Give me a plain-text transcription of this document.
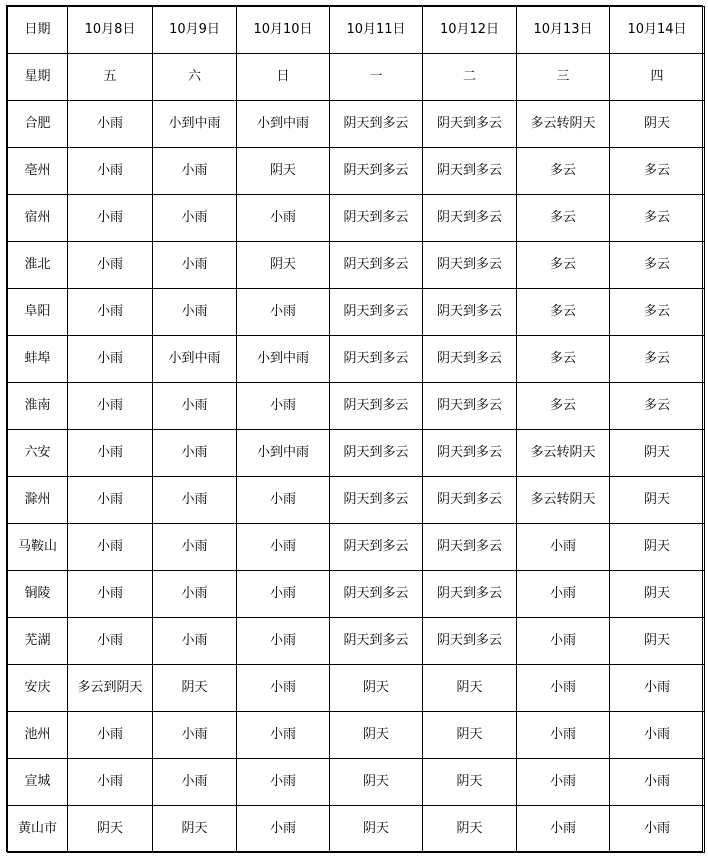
日期	10月8日	10月9日	10月10日	10月11日	10月12日	10月13日	10月14日
星期	五	六	日	一	二	三	四
合肥	小雨	小到中雨	小到中雨	阴天到多云	阴天到多云	多云转阴天	阴天
亳州	小雨	小雨	阴天	阴天到多云	阴天到多云	多云	多云
宿州	小雨	小雨	小雨	阴天到多云	阴天到多云	多云	多云
淮北	小雨	小雨	阴天	阴天到多云	阴天到多云	多云	多云
阜阳	小雨	小雨	小雨	阴天到多云	阴天到多云	多云	多云
蚌埠	小雨	小到中雨	小到中雨	阴天到多云	阴天到多云	多云	多云
淮南	小雨	小雨	小雨	阴天到多云	阴天到多云	多云	多云
六安	小雨	小雨	小到中雨	阴天到多云	阴天到多云	多云转阴天	阴天
滁州	小雨	小雨	小雨	阴天到多云	阴天到多云	多云转阴天	阴天
马鞍山	小雨	小雨	小雨	阴天到多云	阴天到多云	小雨	阴天
铜陵	小雨	小雨	小雨	阴天到多云	阴天到多云	小雨	阴天
芜湖	小雨	小雨	小雨	阴天到多云	阴天到多云	小雨	阴天
安庆	多云到阴天	阴天	小雨	阴天	阴天	小雨	小雨
池州	小雨	小雨	小雨	阴天	阴天	小雨	小雨
宣城	小雨	小雨	小雨	阴天	阴天	小雨	小雨
黄山市	阴天	阴天	小雨	阴天	阴天	小雨	小雨
